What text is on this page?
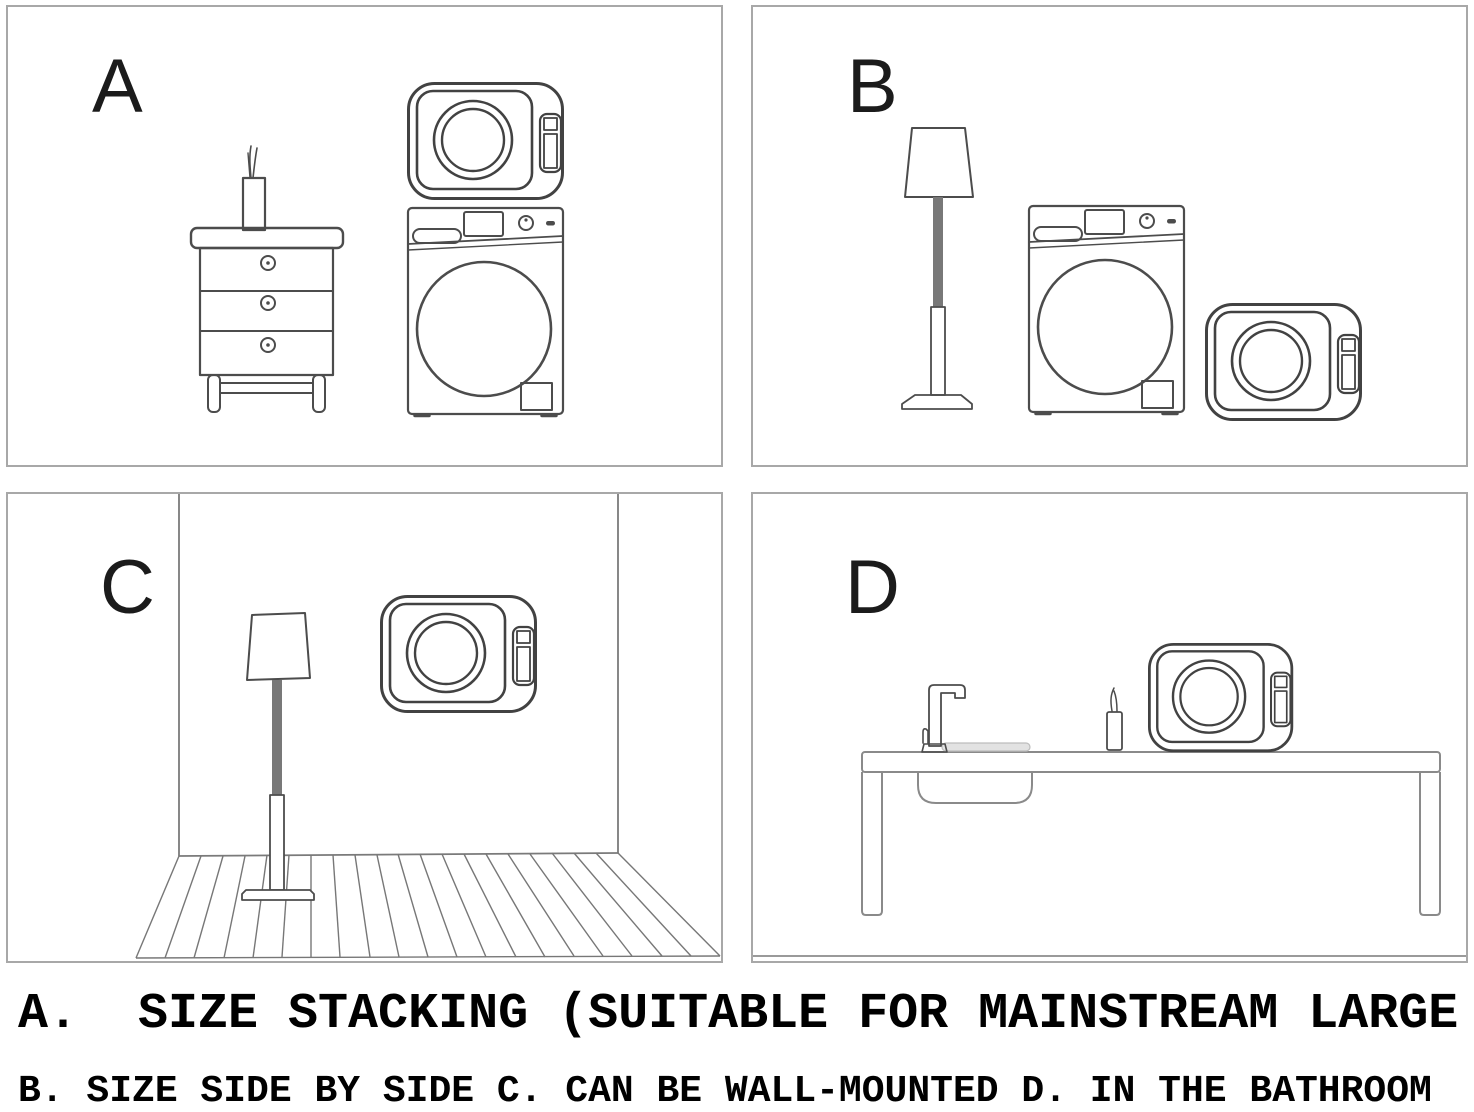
A	B
C	D
A.  SIZE STACKING (SUITABLE FOR MAINSTREAM LARGE
B. SIZE SIDE BY SIDE C. CAN BE WALL-MOUNTED D. IN THE BATHROOM
